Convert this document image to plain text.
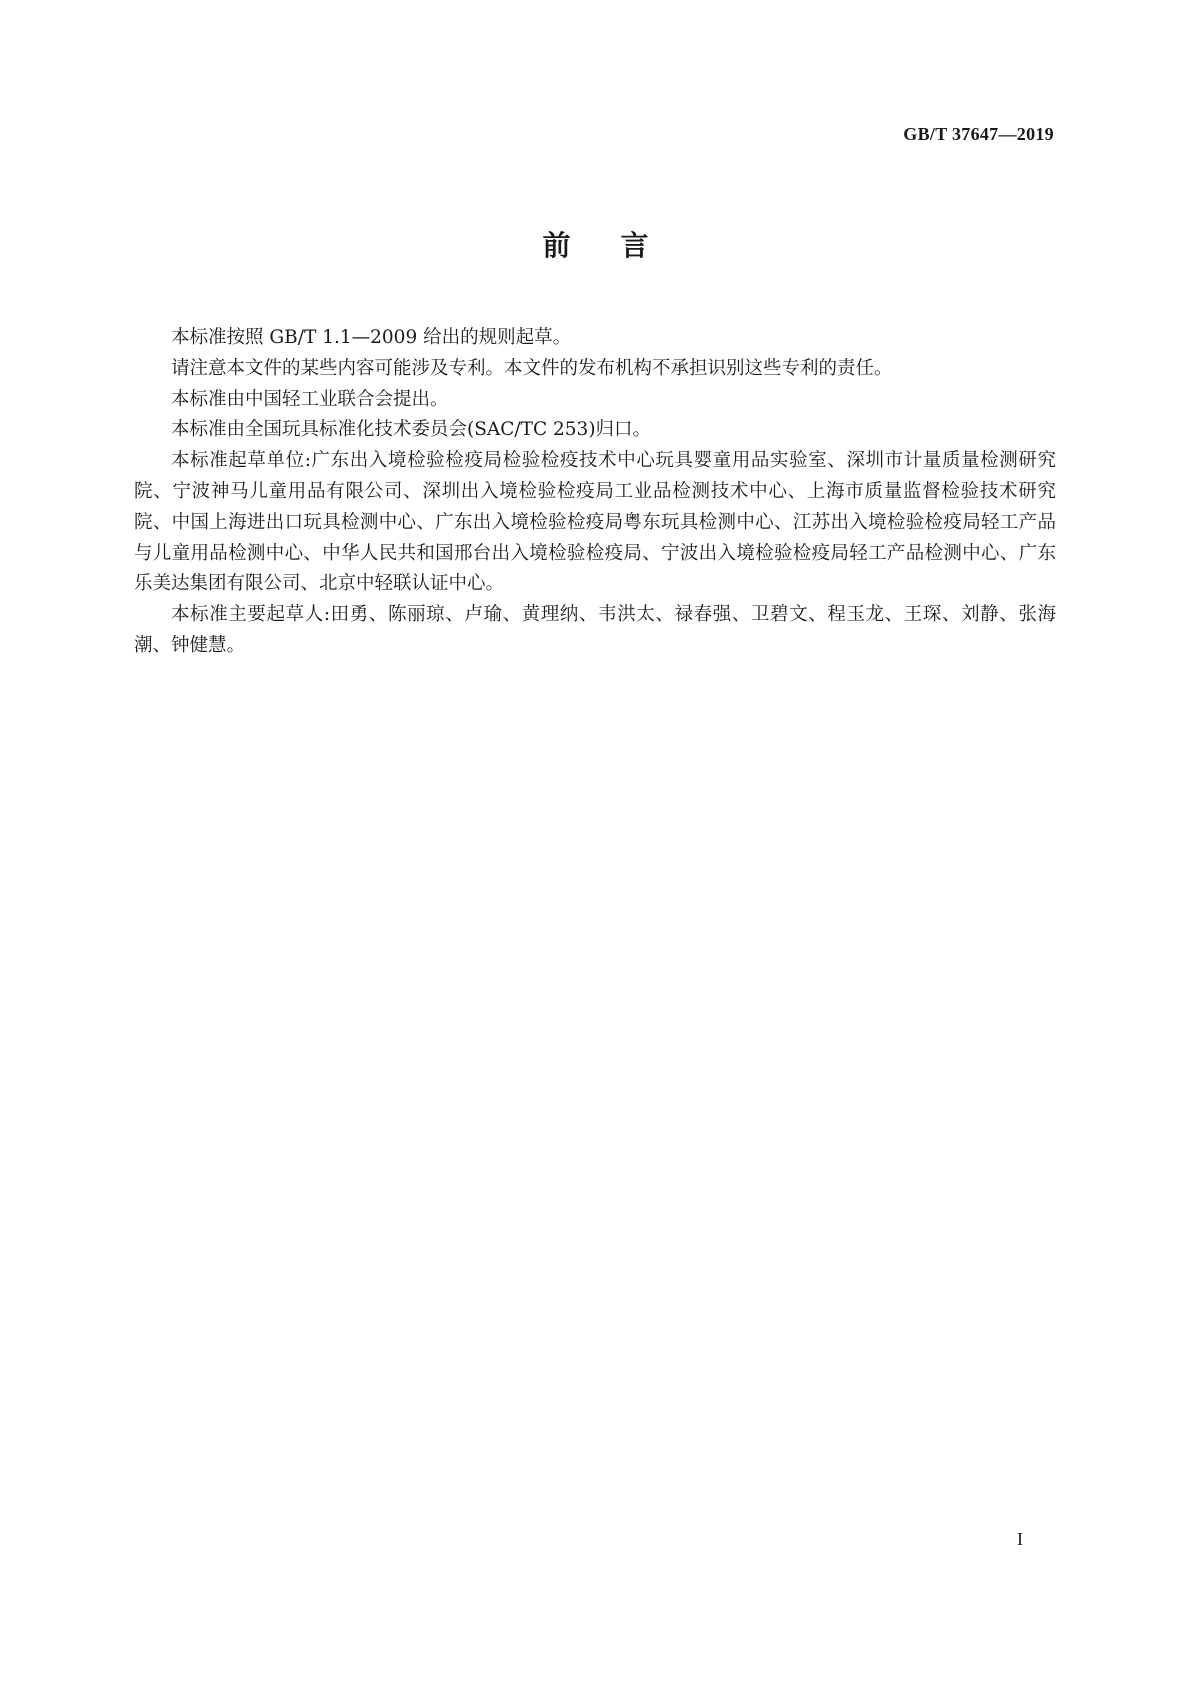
GB/T 37647—2019
前言

本标准按照 GB/T 1.1—2009 给出的规则起草。

请注意本文件的某些内容可能涉及专利。本文件的发布机构不承担识别这些专利的责任。

本标准由中国轻工业联合会提出。

本标准由全国玩具标准化技术委员会(SAC/TC 253)归口。

本标准起草单位:广东出入境检验检疫局检验检疫技术中心玩具婴童用品实验室、深圳市计量质量检测研究院、宁波神马儿童用品有限公司、深圳出入境检验检疫局工业品检测技术中心、上海市质量监督检验技术研究院、中国上海进出口玩具检测中心、广东出入境检验检疫局粤东玩具检测中心、江苏出入境检验检疫局轻工产品与儿童用品检测中心、中华人民共和国邢台出入境检验检疫局、宁波出入境检验检疫局轻工产品检测中心、广东乐美达集团有限公司、北京中轻联认证中心。

本标准主要起草人:田勇、陈丽琼、卢瑜、黄理纳、韦洪太、禄春强、卫碧文、程玉龙、王琛、刘静、张海潮、钟健慧。

I
